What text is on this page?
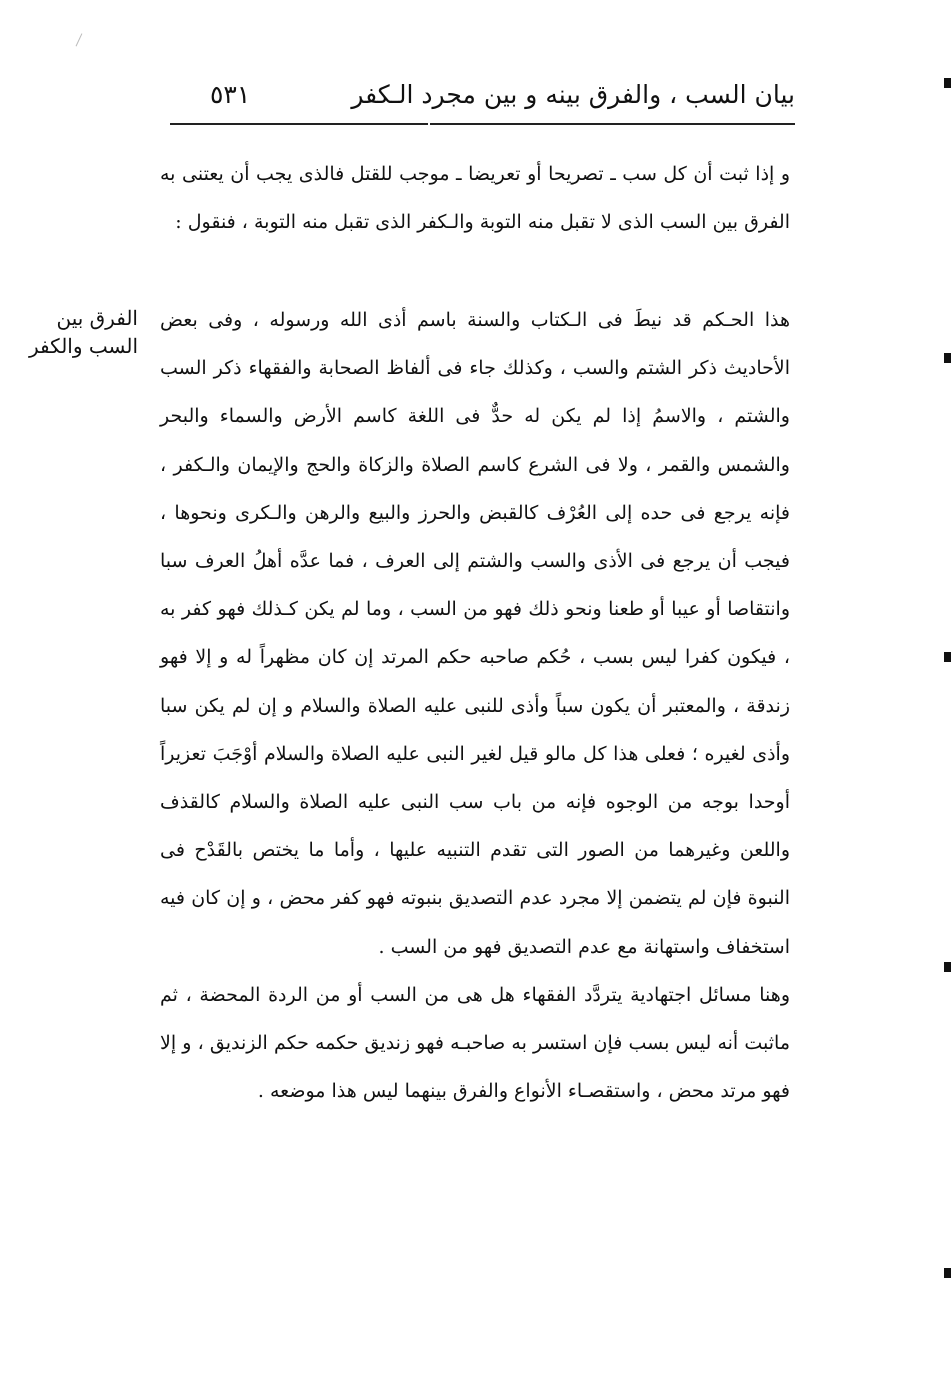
بيان السب ، والفرق بينه و بين مجرد الـكفر
٥٣١

و إذا ثبت أن كل سب ـ تصريحا أو تعريضا ـ موجب للقتل فالذى يجب أن يعتنى به الفرق بين السب الذى لا تقبل منه التوبة والـكفر الذى تقبل منه التوبة ، فنقول :

الفرق بين السب والكفر

هذا الحـكم قد نيطَ فى الـكتاب والسنة باسم أذى الله ورسوله ، وفى بعض الأحاديث ذكر الشتم والسب ، وكذلك جاء فى ألفاظ الصحابة والفقهاء ذكر السب والشتم ، والاسمُ إذا لم يكن له حدٌّ فى اللغة كاسم الأرض والسماء والبحر والشمس والقمر ، ولا فى الشرع كاسم الصلاة والزكاة والحج والإيمان والـكفر ، فإنه يرجع فى حده إلى العُرْف كالقبض والحرز والبيع والرهن والـكرى ونحوها ، فيجب أن يرجع فى الأذى والسب والشتم إلى العرف ، فما عدَّه أهلُ العرف سبا وانتقاصا أو عيبا أو طعنا ونحو ذلك فهو من السب ، وما لم يكن كـذلك فهو كفر به ، فيكون كفرا ليس بسب ، حُكم صاحبه حكم المرتد إن كان مظهراً له و إلا فهو زندقة ، والمعتبر أن يكون سباً وأذى للنبى عليه الصلاة والسلام و إن لم يكن سبا وأذى لغيره ؛ فعلى هذا كل مالو قيل لغير النبى عليه الصلاة والسلام أوْجَبَ تعزيراً أوحدا بوجه من الوجوه فإنه من باب سب النبى عليه الصلاة والسلام كالقذف واللعن وغيرهما من الصور التى تقدم التنبيه عليها ، وأما ما يختص بالقَدْح فى النبوة فإن لم يتضمن إلا مجرد عدم التصديق بنبوته فهو كفر محض ، و إن كان فيه استخفاف واستهانة مع عدم التصديق فهو من السب .

وهنا مسائل اجتهادية يتردَّد الفقهاء هل هى من السب أو من الردة المحضة ، ثم ماثبت أنه ليس بسب فإن استسر به صاحبـه فهو زنديق حكمه حكم الزنديق ، و إلا فهو مرتد محض ، واستقصـاء الأنواع والفرق بينهما ليس هذا موضعه .
